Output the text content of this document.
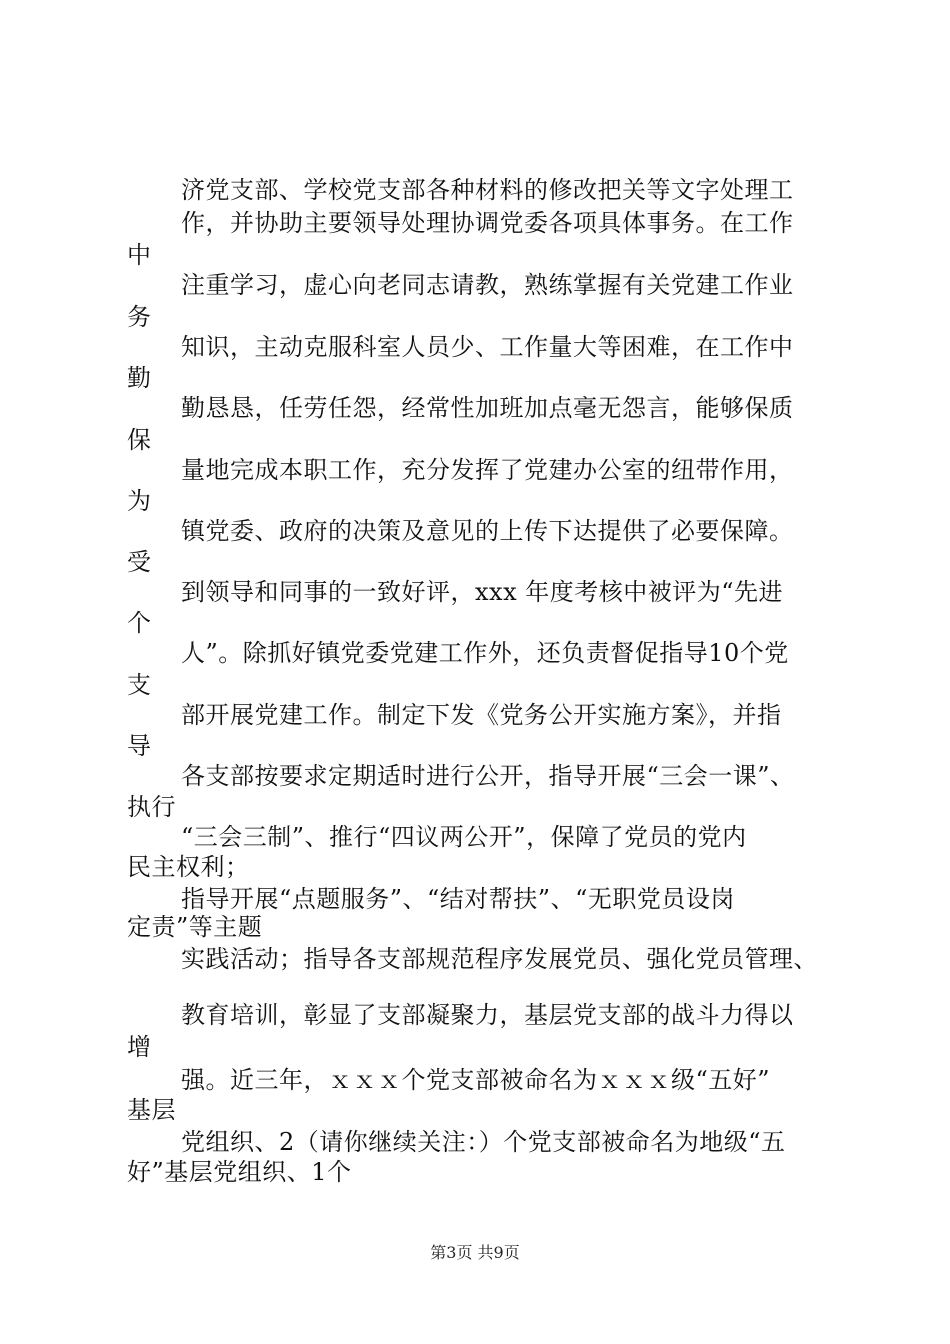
济党支部、学校党支部各种材料的修改把关等文字处理工
作，并协助主要领导处理协调党委各项具体事务。在工作
中
注重学习，虚心向老同志请教，熟练掌握有关党建工作业
务
知识，主动克服科室人员少、工作量大等困难，在工作中
勤
勤恳恳，任劳任怨，经常性加班加点毫无怨言，能够保质
保
量地完成本职工作，充分发挥了党建办公室的纽带作用，
为
镇党委、政府的决策及意见的上传下达提供了必要保障。
受
到领导和同事的一致好评，xxx 年度考核中被评为“先进
个
人”。除抓好镇党委党建工作外，还负责督促指导10个党
支
部开展党建工作。制定下发《党务公开实施方案》，并指
导
各支部按要求定期适时进行公开，指导开展“三会一课”、
执行
“三会三制”、推行“四议两公开”，保障了党员的党内
民主权利；
指导开展“点题服务”、“结对帮扶”、“无职党员设岗
定责”等主题
实践活动；指导各支部规范程序发展党员、强化党员管理、
教育培训，彰显了支部凝聚力，基层党支部的战斗力得以
增
强。近三年，ｘｘｘ个党支部被命名为ｘｘｘ级“五好”
基层
党组织、2（请你继续关注：）个党支部被命名为地级“五
好”基层党组织、1个
第3页 共9页
